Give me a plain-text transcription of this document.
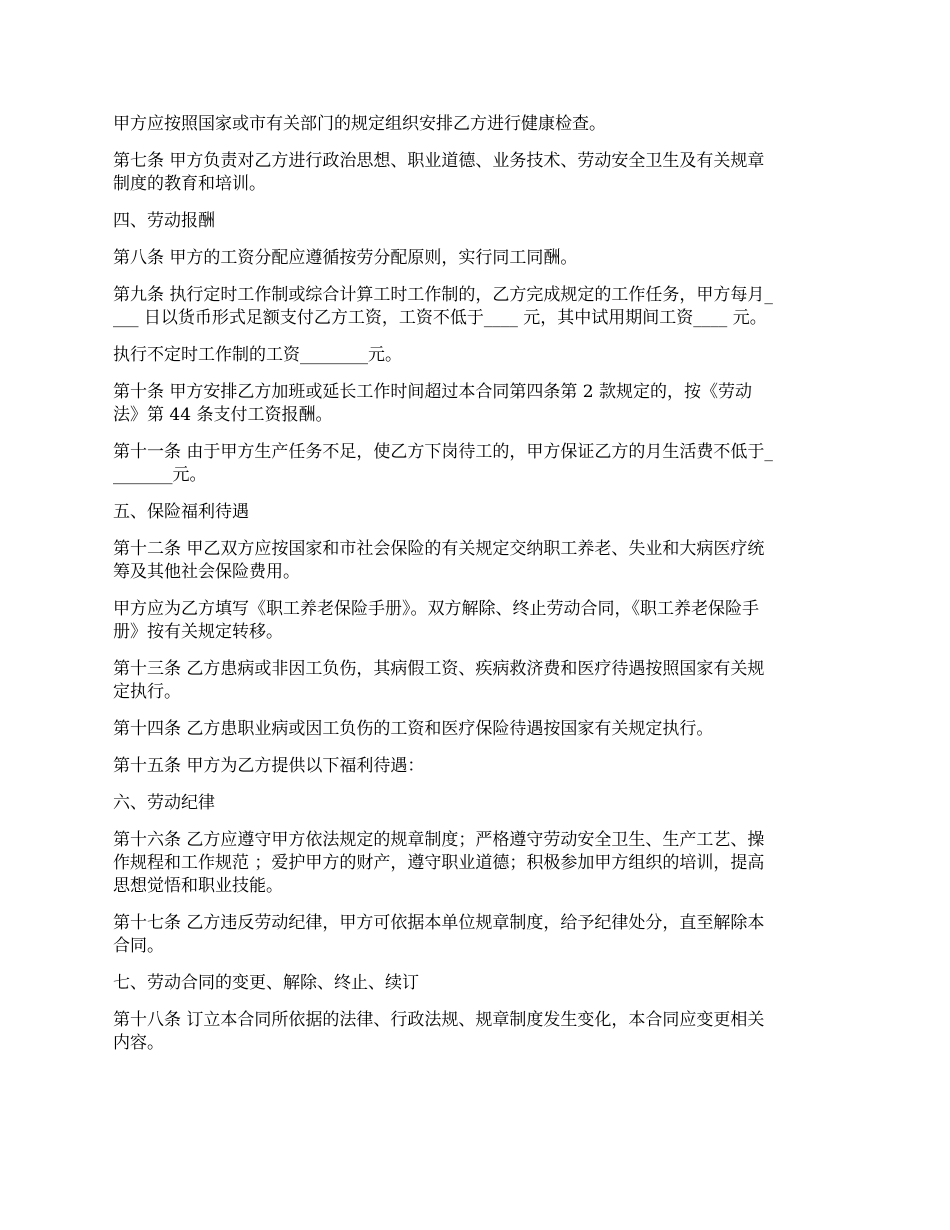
甲方应按照国家或市有关部门的规定组织安排乙方进行健康检查。

第七条 甲方负责对乙方进行政治思想、职业道德、业务技术、劳动安全卫生及有关规章
制度的教育和培训。

四、劳动报酬

第八条 甲方的工资分配应遵循按劳分配原则，实行同工同酬。

第九条 执行定时工作制或综合计算工时工作制的，乙方完成规定的工作任务，甲方每月_
___ 日以货币形式足额支付乙方工资，工资不低于____ 元，其中试用期间工资____ 元。

执行不定时工作制的工资________元。

第十条 甲方安排乙方加班或延长工作时间超过本合同第四条第 2 款规定的，按《劳动
法》第 44 条支付工资报酬。

第十一条 由于甲方生产任务不足，使乙方下岗待工的，甲方保证乙方的月生活费不低于_
_______元。

五、保险福利待遇

第十二条 甲乙双方应按国家和市社会保险的有关规定交纳职工养老、失业和大病医疗统
筹及其他社会保险费用。

甲方应为乙方填写《职工养老保险手册》。双方解除、终止劳动合同，《职工养老保险手
册》按有关规定转移。

第十三条 乙方患病或非因工负伤，其病假工资、疾病救济费和医疗待遇按照国家有关规
定执行。

第十四条 乙方患职业病或因工负伤的工资和医疗保险待遇按国家有关规定执行。

第十五条 甲方为乙方提供以下福利待遇：

六、劳动纪律

第十六条 乙方应遵守甲方依法规定的规章制度；严格遵守劳动安全卫生、生产工艺、操
作规程和工作规范 ；爱护甲方的财产，遵守职业道德；积极参加甲方组织的培训，提高
思想觉悟和职业技能。

第十七条 乙方违反劳动纪律，甲方可依据本单位规章制度，给予纪律处分，直至解除本
合同。

七、劳动合同的变更、解除、终止、续订

第十八条 订立本合同所依据的法律、行政法规、规章制度发生变化，本合同应变更相关
内容。
